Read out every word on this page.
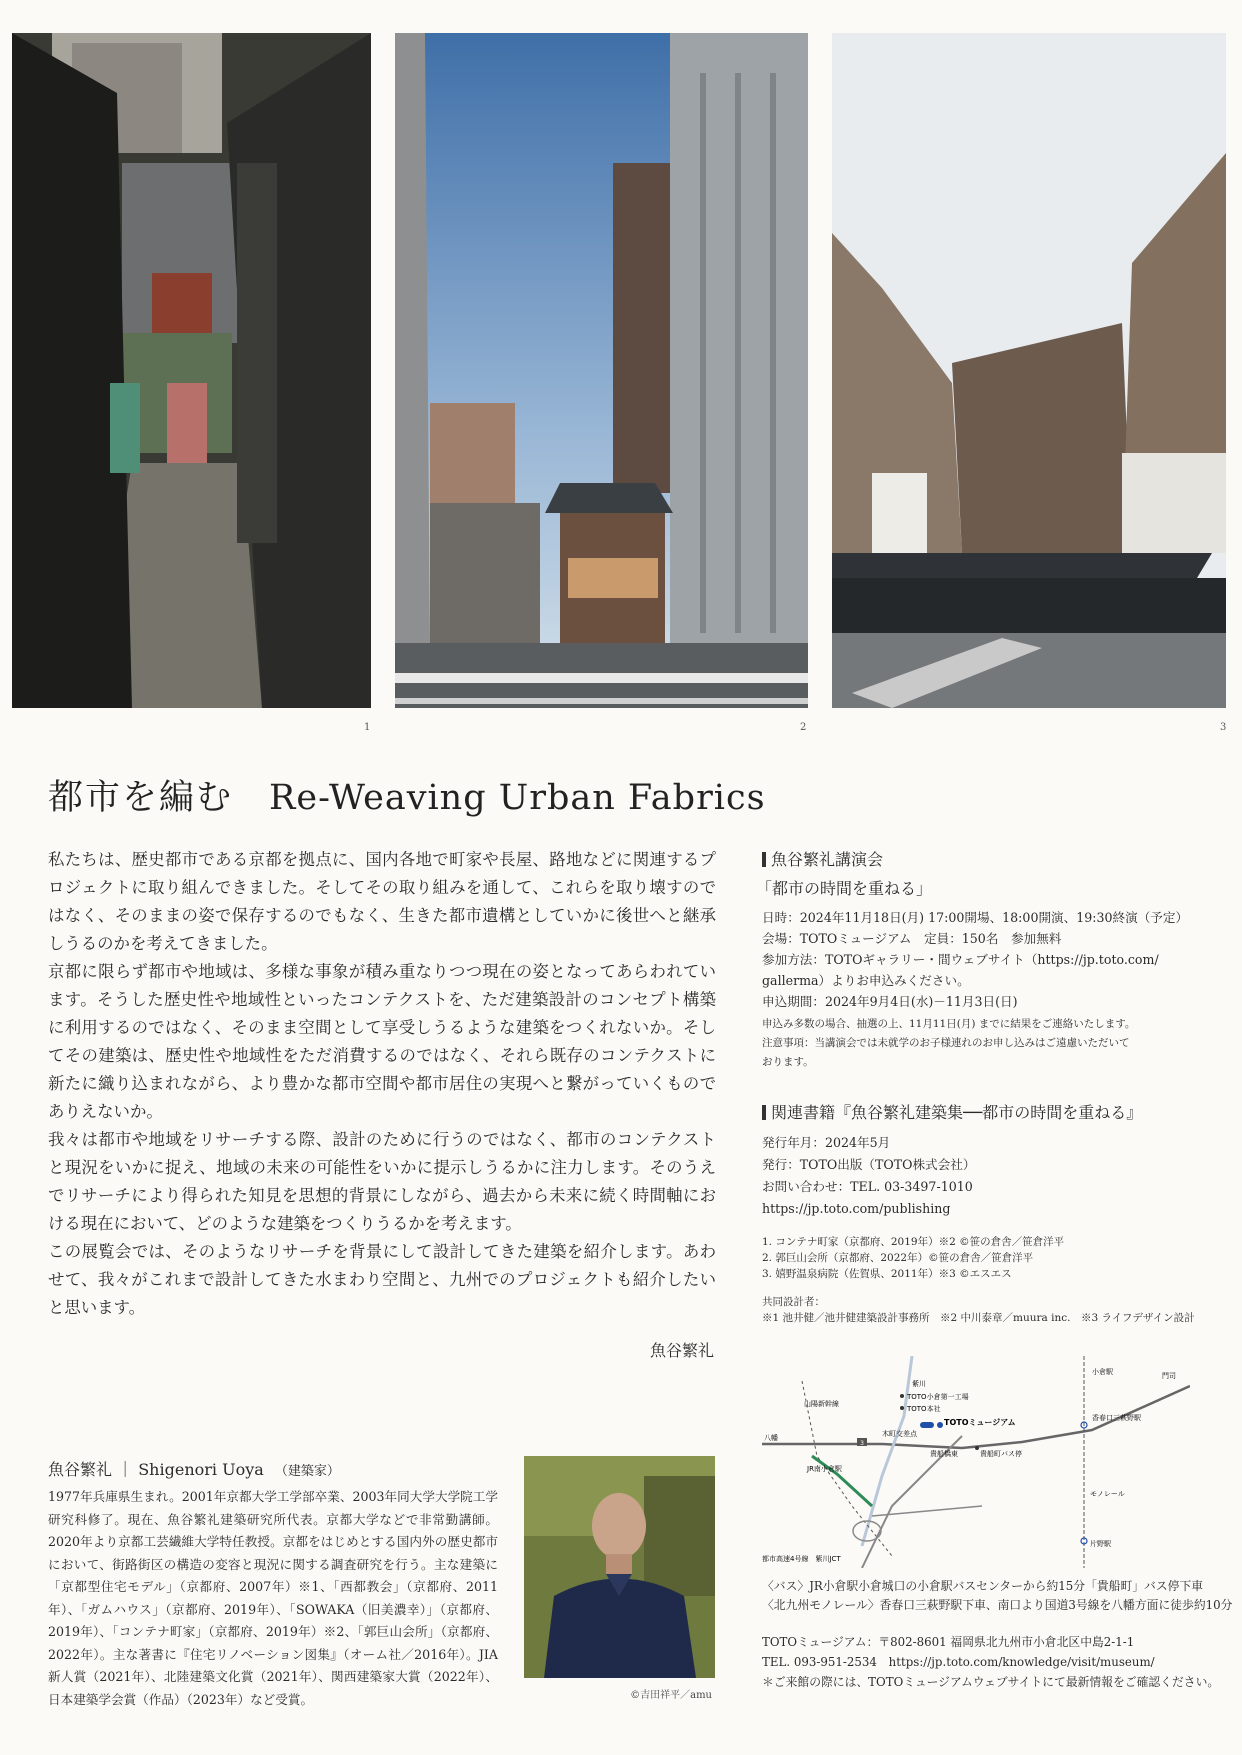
1	2	3
都市を編む Re-Weaving Urban Fabrics

私たちは、歴史都市である京都を拠点に、国内各地で町家や長屋、路地などに関連するプロジェクトに取り組んできました。そしてその取り組みを通して、これらを取り壊すのではなく、そのままの姿で保存するのでもなく、生きた都市遺構としていかに後世へと継承しうるのかを考えてきました。

京都に限らず都市や地域は、多様な事象が積み重なりつつ現在の姿となってあらわれています。そうした歴史性や地域性といったコンテクストを、ただ建築設計のコンセプト構築に利用するのではなく、そのまま空間として享受しうるような建築をつくれないか。そしてその建築は、歴史性や地域性をただ消費するのではなく、それら既存のコンテクストに新たに織り込まれながら、より豊かな都市空間や都市居住の実現へと繋がっていくものでありえないか。

我々は都市や地域をリサーチする際、設計のために行うのではなく、都市のコンテクストと現況をいかに捉え、地域の未来の可能性をいかに提示しうるかに注力します。そのうえでリサーチにより得られた知見を思想的背景にしながら、過去から未来に続く時間軸における現在において、どのような建築をつくりうるかを考えます。

この展覧会では、そのようなリサーチを背景にして設計してきた建築を紹介します。あわせて、我々がこれまで設計してきた水まわり空間と、九州でのプロジェクトも紹介したいと思います。

魚谷繁礼
魚谷繁礼 ｜ Shigenori Uoya （建築家）
1977年兵庫県生まれ。2001年京都大学工学部卒業、2003年同大学大学院工学研究科修了。現在、魚谷繁礼建築研究所代表。京都大学などで非常勤講師。2020年より京都工芸繊維大学特任教授。京都をはじめとする国内外の歴史都市において、街路街区の構造の変容と現況に関する調査研究を行う。主な建築に「京都型住宅モデル」（京都府、2007年）※1、「西都教会」（京都府、2011年）、「ガムハウス」（京都府、2019年）、「SOWAKA（旧美濃幸）」（京都府、2019年）、「コンテナ町家」（京都府、2019年）※2、「郭巨山会所」（京都府、2022年）。主な著書に『住宅リノベーション図集』（オーム社／2016年）。JIA新人賞（2021年）、北陸建築文化賞（2021年）、関西建築家大賞（2022年）、日本建築学会賞（作品）（2023年）など受賞。	©吉田祥平／amu
魚谷繁礼講演会
「都市の時間を重ねる」
日時：2024年11月18日(月) 17:00開場、18:00開演、19:30終演（予定）
会場：TOTOミュージアム　定員：150名　参加無料
参加方法：TOTOギャラリー・間ウェブサイト（https://jp.toto.com/
gallerma）よりお申込みください。
申込期間：2024年9月4日(水)－11月3日(日)
申込み多数の場合、抽選の上、11月11日(月) までに結果をご連絡いたします。
注意事項：当講演会では未就学のお子様連れのお申し込みはご遠慮いただいて
おります。
関連書籍『魚谷繁礼建築集──都市の時間を重ねる』
発行年月：2024年5月
発行：TOTO出版（TOTO株式会社）
お問い合わせ：TEL. 03-3497-1010
https://jp.toto.com/publishing
1. コンテナ町家（京都府、2019年）※2 ©笹の倉舎／笹倉洋平
2. 郭巨山会所（京都府、2022年）©笹の倉舎／笹倉洋平
3. 嬉野温泉病院（佐賀県、2011年）※3 ©エスエス
共同設計者：
※1 池井健／池井健建築設計事務所　※2 中川泰章／muura inc.　※3 ライフデザイン設計
3
小倉駅	門司
TOTO小倉第一工場
TOTO本社
TOTOミュージアム	香春口三萩野駅
貴船町バス停
貴船橋東
木町交差点
八幡
JR南小倉駅
山陽新幹線
モノレール
片野駅
都市高速4号線　紫川JCT
紫川
〈バス〉JR小倉駅小倉城口の小倉駅バスセンターから約15分「貴船町」バス停下車
〈北九州モノレール〉香春口三萩野駅下車、南口より国道3号線を八幡方面に徒歩約10分
TOTOミュージアム：〒802-8601 福岡県北九州市小倉北区中島2-1-1
TEL. 093-951-2534　https://jp.toto.com/knowledge/visit/museum/
＊ご来館の際には、TOTOミュージアムウェブサイトにて最新情報をご確認ください。
